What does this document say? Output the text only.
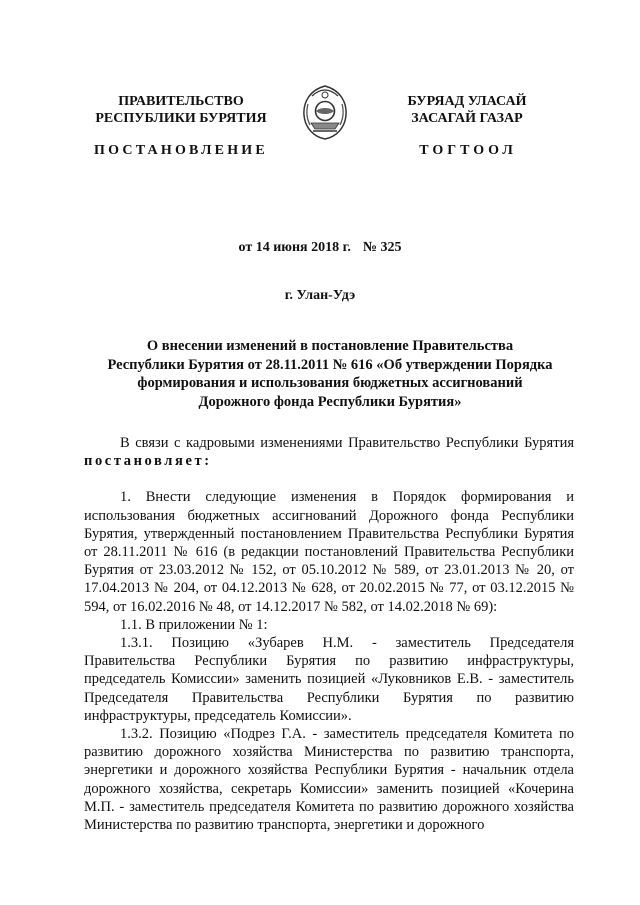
ПРАВИТЕЛЬСТВО
РЕСПУБЛИКИ БУРЯТИЯ
ПОСТАНОВЛЕНИЕ
БУРЯАД УЛАСАЙ
ЗАСАГАЙ ГАЗАР
ТОГТООЛ
от 14 июня 2018 г. № 325
г. Улан-Удэ
О внесении изменений в постановление Правительства
Республики Бурятия от 28.11.2011 № 616 «Об утверждении Порядка
формирования и использования бюджетных ассигнований
Дорожного фонда Республики Бурятия»

В связи с кадровыми изменениями Правительство Республики Бурятия постановляет:

1. Внести следующие изменения в Порядок формирования и использования бюджетных ассигнований Дорожного фонда Республики Бурятия, утвержденный постановлением Правительства Республики Бурятия от 28.11.2011 № 616 (в редакции постановлений Правительства Республики Бурятия от 23.03.2012 № 152, от 05.10.2012 № 589, от 23.01.2013 № 20, от 17.04.2013 № 204, от 04.12.2013 № 628, от 20.02.2015 № 77, от 03.12.2015 № 594, от 16.02.2016 № 48, от 14.12.2017 № 582, от 14.02.2018 № 69):

1.1. В приложении № 1:

1.3.1. Позицию «Зубарев Н.М. - заместитель Председателя Правительства Республики Бурятия по развитию инфраструктуры, председатель Комиссии» заменить позицией «Луковников Е.В. - заместитель Председателя Правительства Республики Бурятия по развитию инфраструктуры, председатель Комиссии».

1.3.2. Позицию «Подрез Г.А. - заместитель председателя Комитета по развитию дорожного хозяйства Министерства по развитию транспорта, энергетики и дорожного хозяйства Республики Бурятия - начальник отдела дорожного хозяйства, секретарь Комиссии» заменить позицией «Кочерина М.П. - заместитель председателя Комитета по развитию дорожного хозяйства Министерства по развитию транспорта, энергетики и дорожного
